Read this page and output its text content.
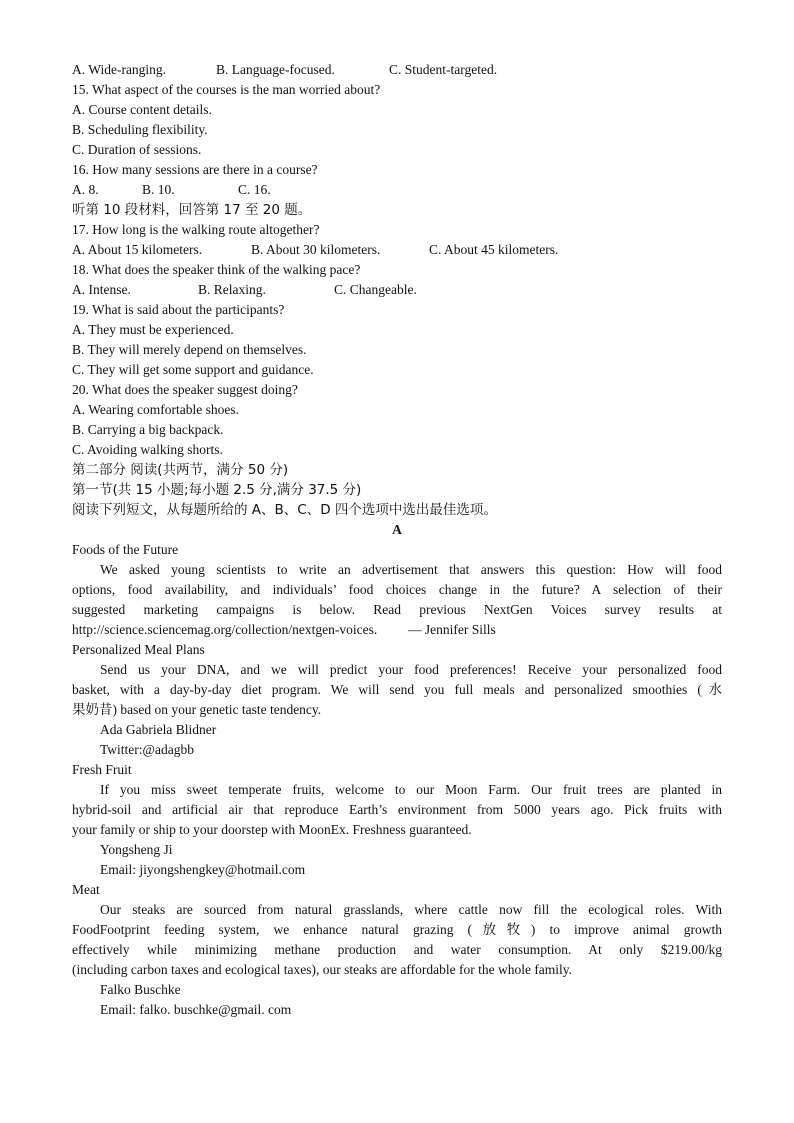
A. Wide-ranging.	B. Language-focused.	C. Student-targeted.
15. What aspect of the courses is the man worried about?
A. Course content details.
B. Scheduling flexibility.
C. Duration of sessions.
16. How many sessions are there in a course?
A. 8.	B. 10.	C. 16.
听第 10 段材料，回答第 17 至 20 题。
17. How long is the walking route altogether?
A. About 15 kilometers.	B. About 30 kilometers.	C. About 45 kilometers.
18. What does the speaker think of the walking pace?
A. Intense.	B. Relaxing.	C. Changeable.
19. What is said about the participants?
A. They must be experienced.
B. They will merely depend on themselves.
C. They will get some support and guidance.
20. What does the speaker suggest doing?
A. Wearing comfortable shoes.
B. Carrying a big backpack.
C. Avoiding walking shorts.
第二部分 阅读(共两节，满分 50 分)
第一节(共 15 小题;每小题 2.5 分,满分 37.5 分)
阅读下列短文，从每题所给的 A、B、C、D 四个选项中选出最佳选项。
A
Foods of the Future
We asked young scientists to write an advertisement that answers this question: How will food
options, food availability, and individuals’ food choices change in the future? A selection of their
suggested marketing campaigns is below. Read previous NextGen Voices survey results at
http://science.sciencemag.org/collection/nextgen-voices. — Jennifer Sills
Personalized Meal Plans
Send us your DNA, and we will predict your food preferences! Receive your personalized food
basket, with a day-by-day diet program. We will send you full meals and personalized smoothies (水
果奶昔) based on your genetic taste tendency.
Ada Gabriela Blidner
Twitter:@adagbb
Fresh Fruit
If you miss sweet temperate fruits, welcome to our Moon Farm. Our fruit trees are planted in
hybrid-soil and artificial air that reproduce Earth’s environment from 5000 years ago. Pick fruits with
your family or ship to your doorstep with MoonEx. Freshness guaranteed.
Yongsheng Ji
Email: jiyongshengkey@hotmail.com
Meat
Our steaks are sourced from natural grasslands, where cattle now fill the ecological roles. With
FoodFootprint feeding system, we enhance natural grazing (放牧) to improve animal growth
effectively while minimizing methane production and water consumption. At only $219.00/kg
(including carbon taxes and ecological taxes), our steaks are affordable for the whole family.
Falko Buschke
Email: falko. buschke@gmail. com
